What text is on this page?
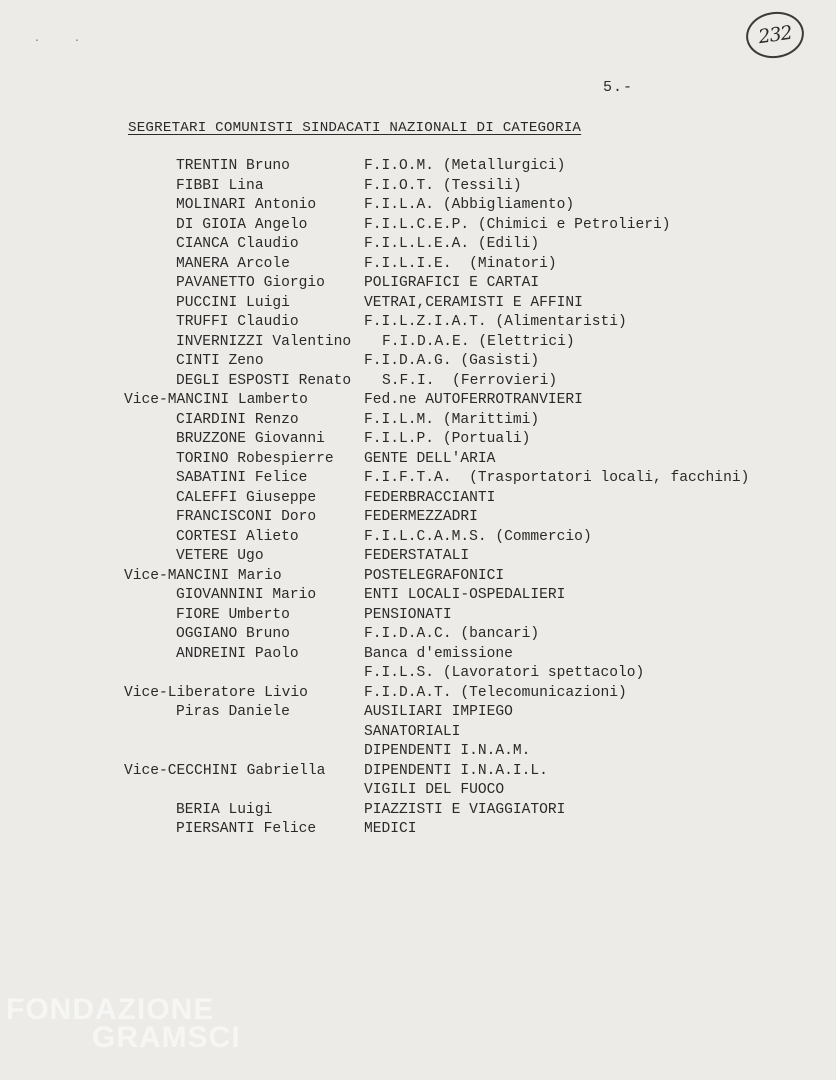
· ·	232
5.-
SEGRETARI COMUNISTI SINDACATI NAZIONALI DI CATEGORIA
TRENTIN Bruno	F.I.O.M. (Metallurgici)
FIBBI Lina	F.I.O.T. (Tessili)
MOLINARI Antonio	F.I.L.A. (Abbigliamento)
DI GIOIA Angelo	F.I.L.C.E.P. (Chimici e Petrolieri)
CIANCA Claudio	F.I.L.L.E.A. (Edili)
MANERA Arcole	F.I.L.I.E.  (Minatori)
PAVANETTO Giorgio	POLIGRAFICI E CARTAI
PUCCINI Luigi	VETRAI,CERAMISTI E AFFINI
TRUFFI Claudio	F.I.L.Z.I.A.T. (Alimentaristi)
INVERNIZZI Valentino F.I.D.A.E. (Elettrici)
CINTI Zeno	F.I.D.A.G. (Gasisti)
DEGLI ESPOSTI Renato S.F.I.  (Ferrovieri)
Vice-MANCINI Lamberto	Fed.ne AUTOFERROTRANVIERI
CIARDINI Renzo	F.I.L.M. (Marittimi)
BRUZZONE Giovanni	F.I.L.P. (Portuali)
TORINO Robespierre GENTE DELL'ARIA
SABATINI Felice	F.I.F.T.A.  (Trasportatori locali, facchini)
CALEFFI Giuseppe	FEDERBRACCIANTI
FRANCISCONI Doro	FEDERMEZZADRI
CORTESI Alieto	F.I.L.C.A.M.S. (Commercio)
VETERE Ugo	FEDERSTATALI
Vice-MANCINI Mario	POSTELEGRAFONICI
GIOVANNINI Mario	ENTI LOCALI-OSPEDALIERI
FIORE Umberto	PENSIONATI
OGGIANO Bruno	F.I.D.A.C. (bancari)
ANDREINI Paolo	Banca d'emissione
F.I.L.S. (Lavoratori spettacolo)
Vice-Liberatore Livio	F.I.D.A.T. (Telecomunicazioni)
Piras Daniele	AUSILIARI IMPIEGO
SANATORIALI
DIPENDENTI I.N.A.M.
Vice-CECCHINI Gabriella	DIPENDENTI I.N.A.I.L.
VIGILI DEL FUOCO
BERIA Luigi	PIAZZISTI E VIAGGIATORI
PIERSANTI Felice	MEDICI
FONDAZIONE
GRAMSCI
